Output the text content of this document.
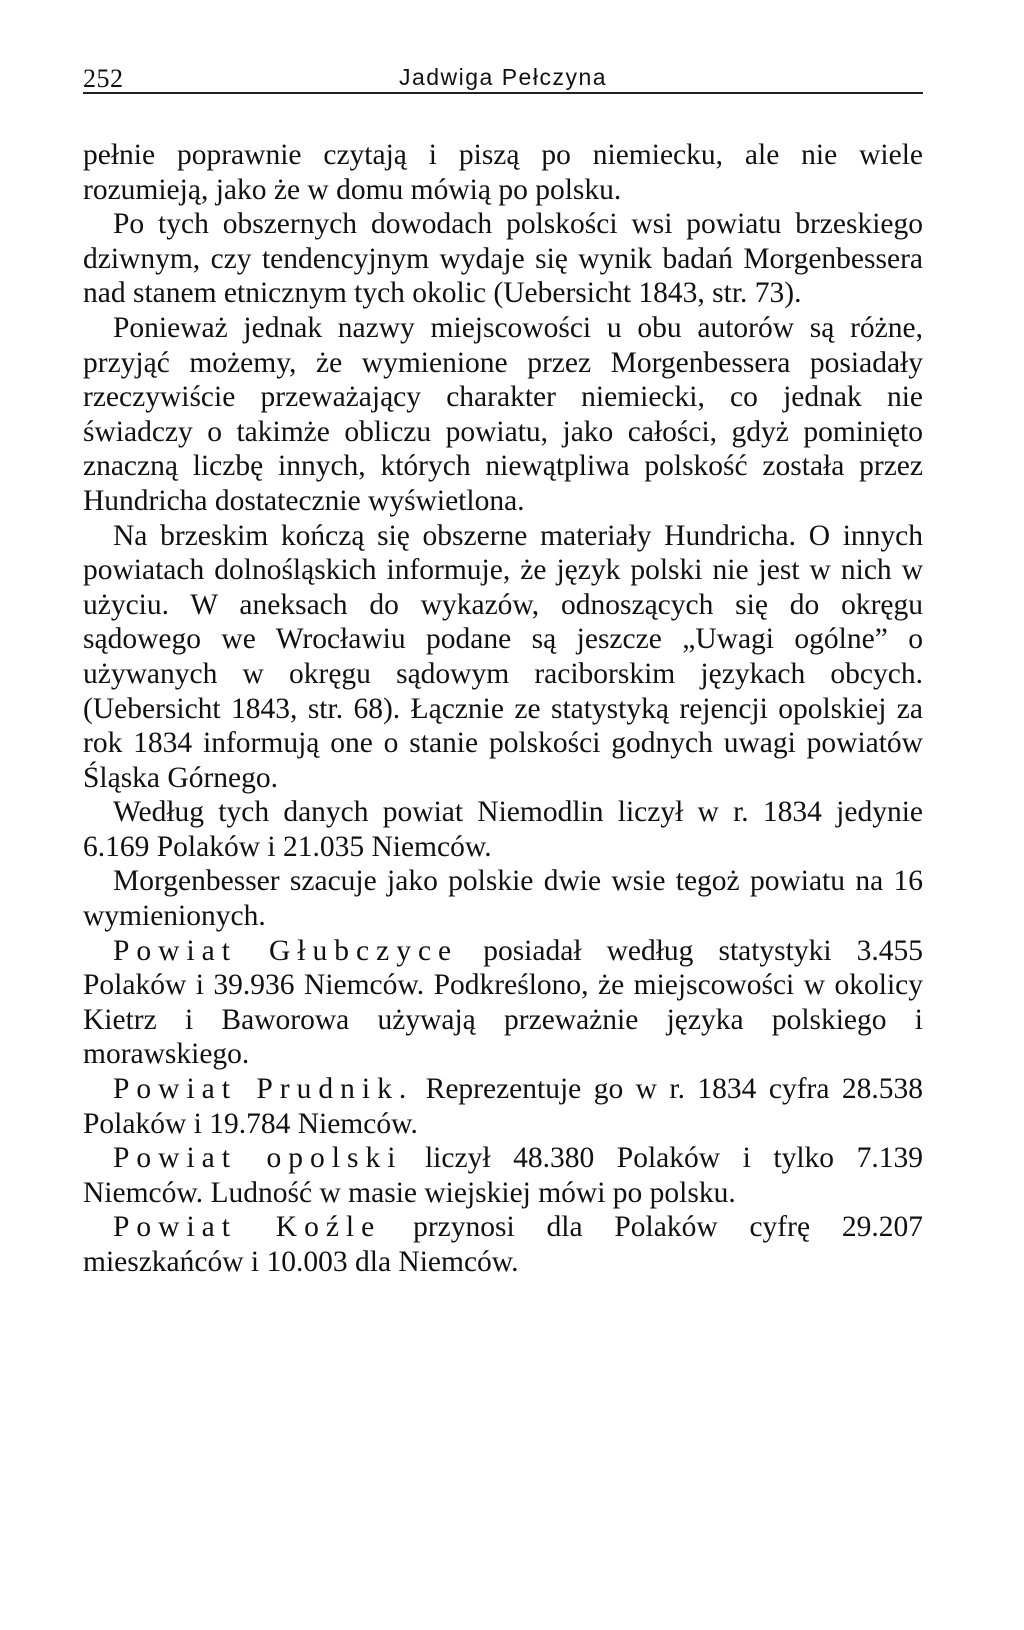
252	Jadwiga Pełczyna

pełnie poprawnie czytają i piszą po niemiecku, ale nie wiele rozumieją, jako że w domu mówią po polsku.

Po tych obszernych dowodach polskości wsi powiatu brzeskiego dziwnym, czy tendencyjnym wydaje się wynik badań Morgenbessera nad stanem etnicznym tych okolic (Uebersicht 1843, str. 73).

Ponieważ jednak nazwy miejscowości u obu autorów są różne, przyjąć możemy, że wymienione przez Morgenbessera posiadały rzeczywiście przeważający charakter niemiecki, co jednak nie świadczy o takimże obliczu powiatu, jako całości, gdyż pominięto znaczną liczbę innych, których niewątpliwa polskość została przez Hundricha dostatecznie wyświetlona.

Na brzeskim kończą się obszerne materiały Hundricha. O innych powiatach dolnośląskich informuje, że język polski nie jest w nich w użyciu. W aneksach do wykazów, odnoszących się do okręgu sądowego we Wrocławiu podane są jeszcze „Uwagi ogólne” o używanych w okręgu sądowym raciborskim językach obcych. (Uebersicht 1843, str. 68). Łącznie ze statystyką rejencji opolskiej za rok 1834 informują one o stanie polskości godnych uwagi powiatów Śląska Górnego.

Według tych danych powiat Niemodlin liczył w r. 1834 jedynie 6.169 Polaków i 21.035 Niemców.

Morgenbesser szacuje jako polskie dwie wsie tegoż powiatu na 16 wymienionych.

Powiat Głubczyce posiadał według statystyki 3.455 Polaków i 39.936 Niemców. Podkreślono, że miejscowości w okolicy Kietrz i Baworowa używają przeważnie języka polskiego i morawskiego.

Powiat Prudnik. Reprezentuje go w r. 1834 cyfra 28.538 Polaków i 19.784 Niemców.

Powiat opolski liczył 48.380 Polaków i tylko 7.139 Niemców. Ludność w masie wiejskiej mówi po polsku.

Powiat Koźle przynosi dla Polaków cyfrę 29.207 mieszkańców i 10.003 dla Niemców.
